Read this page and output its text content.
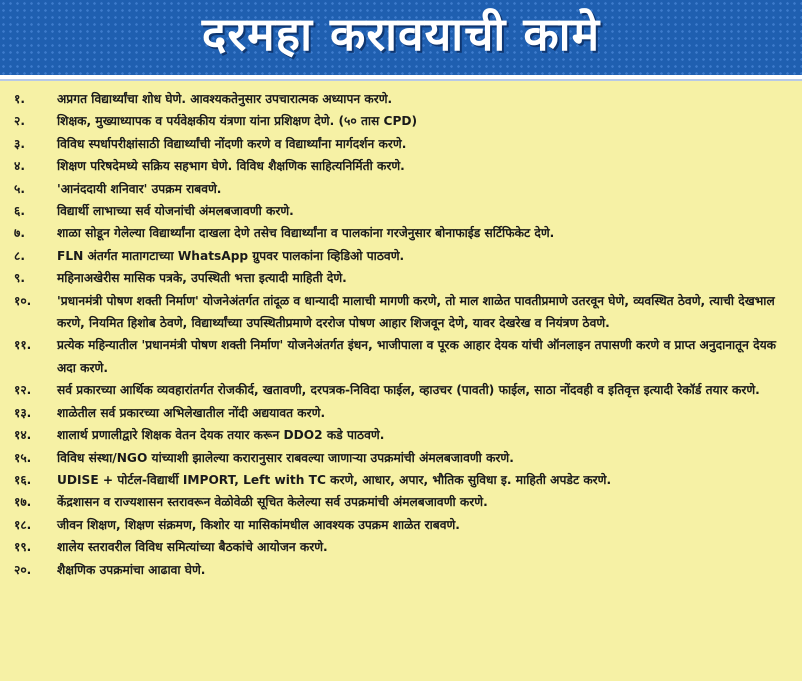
दरमहा करावयाची कामे
१.	अप्रगत विद्यार्थ्यांचा शोध घेणे. आवश्यकतेनुसार उपचारात्मक अध्यापन करणे.
२.	शिक्षक, मुख्याध्यापक व पर्यवेक्षकीय यंत्रणा यांना प्रशिक्षण देणे. (५० तास CPD)
३.	विविध स्पर्धापरीक्षांसाठी विद्यार्थ्यांची नोंदणी करणे व विद्यार्थ्यांना मार्गदर्शन करणे.
४.	शिक्षण परिषदेमध्ये सक्रिय सहभाग घेणे. विविध शैक्षणिक साहित्यनिर्मिती करणे.
५.	'आनंददायी शनिवार' उपक्रम राबवणे.
६.	विद्यार्थी लाभाच्या सर्व योजनांची अंमलबजावणी करणे.
७.	शाळा सोडून गेलेल्या विद्यार्थ्यांना दाखला देणे तसेच विद्यार्थ्यांना व पालकांना गरजेनुसार बोनाफाईड सर्टिफिकेट देणे.
८.	FLN अंतर्गत मातागटाच्या WhatsApp ग्रुपवर पालकांना व्हिडिओ पाठवणे.
९.	महिनाअखेरीस मासिक पत्रके, उपस्थिती भत्ता इत्यादी माहिती देणे.
१०.	'प्रधानमंत्री पोषण शक्ती निर्माण' योजनेअंतर्गत तांदूळ व धान्यादी मालाची मागणी करणे, तो माल शाळेत पावतीप्रमाणे उतरवून घेणे, व्यवस्थित ठेवणे, त्याची देखभाल करणे, नियमित हिशोब ठेवणे, विद्यार्थ्यांच्या उपस्थितीप्रमाणे दररोज पोषण आहार शिजवून देणे, यावर देखरेख व नियंत्रण ठेवणे.
११.	प्रत्येक महिन्यातील 'प्रधानमंत्री पोषण शक्ती निर्माण' योजनेअंतर्गत इंधन, भाजीपाला व पूरक आहार देयक यांची ऑनलाइन तपासणी करणे व प्राप्त अनुदानातून देयक अदा करणे.
१२.	सर्व प्रकारच्या आर्थिक व्यवहारांतर्गत रोजकीर्द, खतावणी, दरपत्रक-निविदा फाईल, व्हाउचर (पावती) फाईल, साठा नोंदवही व इतिवृत्त इत्यादी रेकॉर्ड तयार करणे.
१३.	शाळेतील सर्व प्रकारच्या अभिलेखातील नोंदी अद्ययावत करणे.
१४.	शालार्थ प्रणालीद्वारे शिक्षक वेतन देयक तयार करून DDO2 कडे पाठवणे.
१५.	विविध संस्था/NGO यांच्याशी झालेल्या करारानुसार राबवल्या जाणाऱ्या उपक्रमांची अंमलबजावणी करणे.
१६.	UDISE + पोर्टल-विद्यार्थी IMPORT, Left with TC करणे, आधार, अपार, भौतिक सुविधा इ. माहिती अपडेट करणे.
१७.	केंद्रशासन व राज्यशासन स्तरावरून वेळोवेळी सूचित केलेल्या सर्व उपक्रमांची अंमलबजावणी करणे.
१८.	जीवन शिक्षण, शिक्षण संक्रमण, किशोर या मासिकांमधील आवश्यक उपक्रम शाळेत राबवणे.
१९.	शालेय स्तरावरील विविध समित्यांच्या बैठकांचे आयोजन करणे.
२०.	शैक्षणिक उपक्रमांचा आढावा घेणे.
